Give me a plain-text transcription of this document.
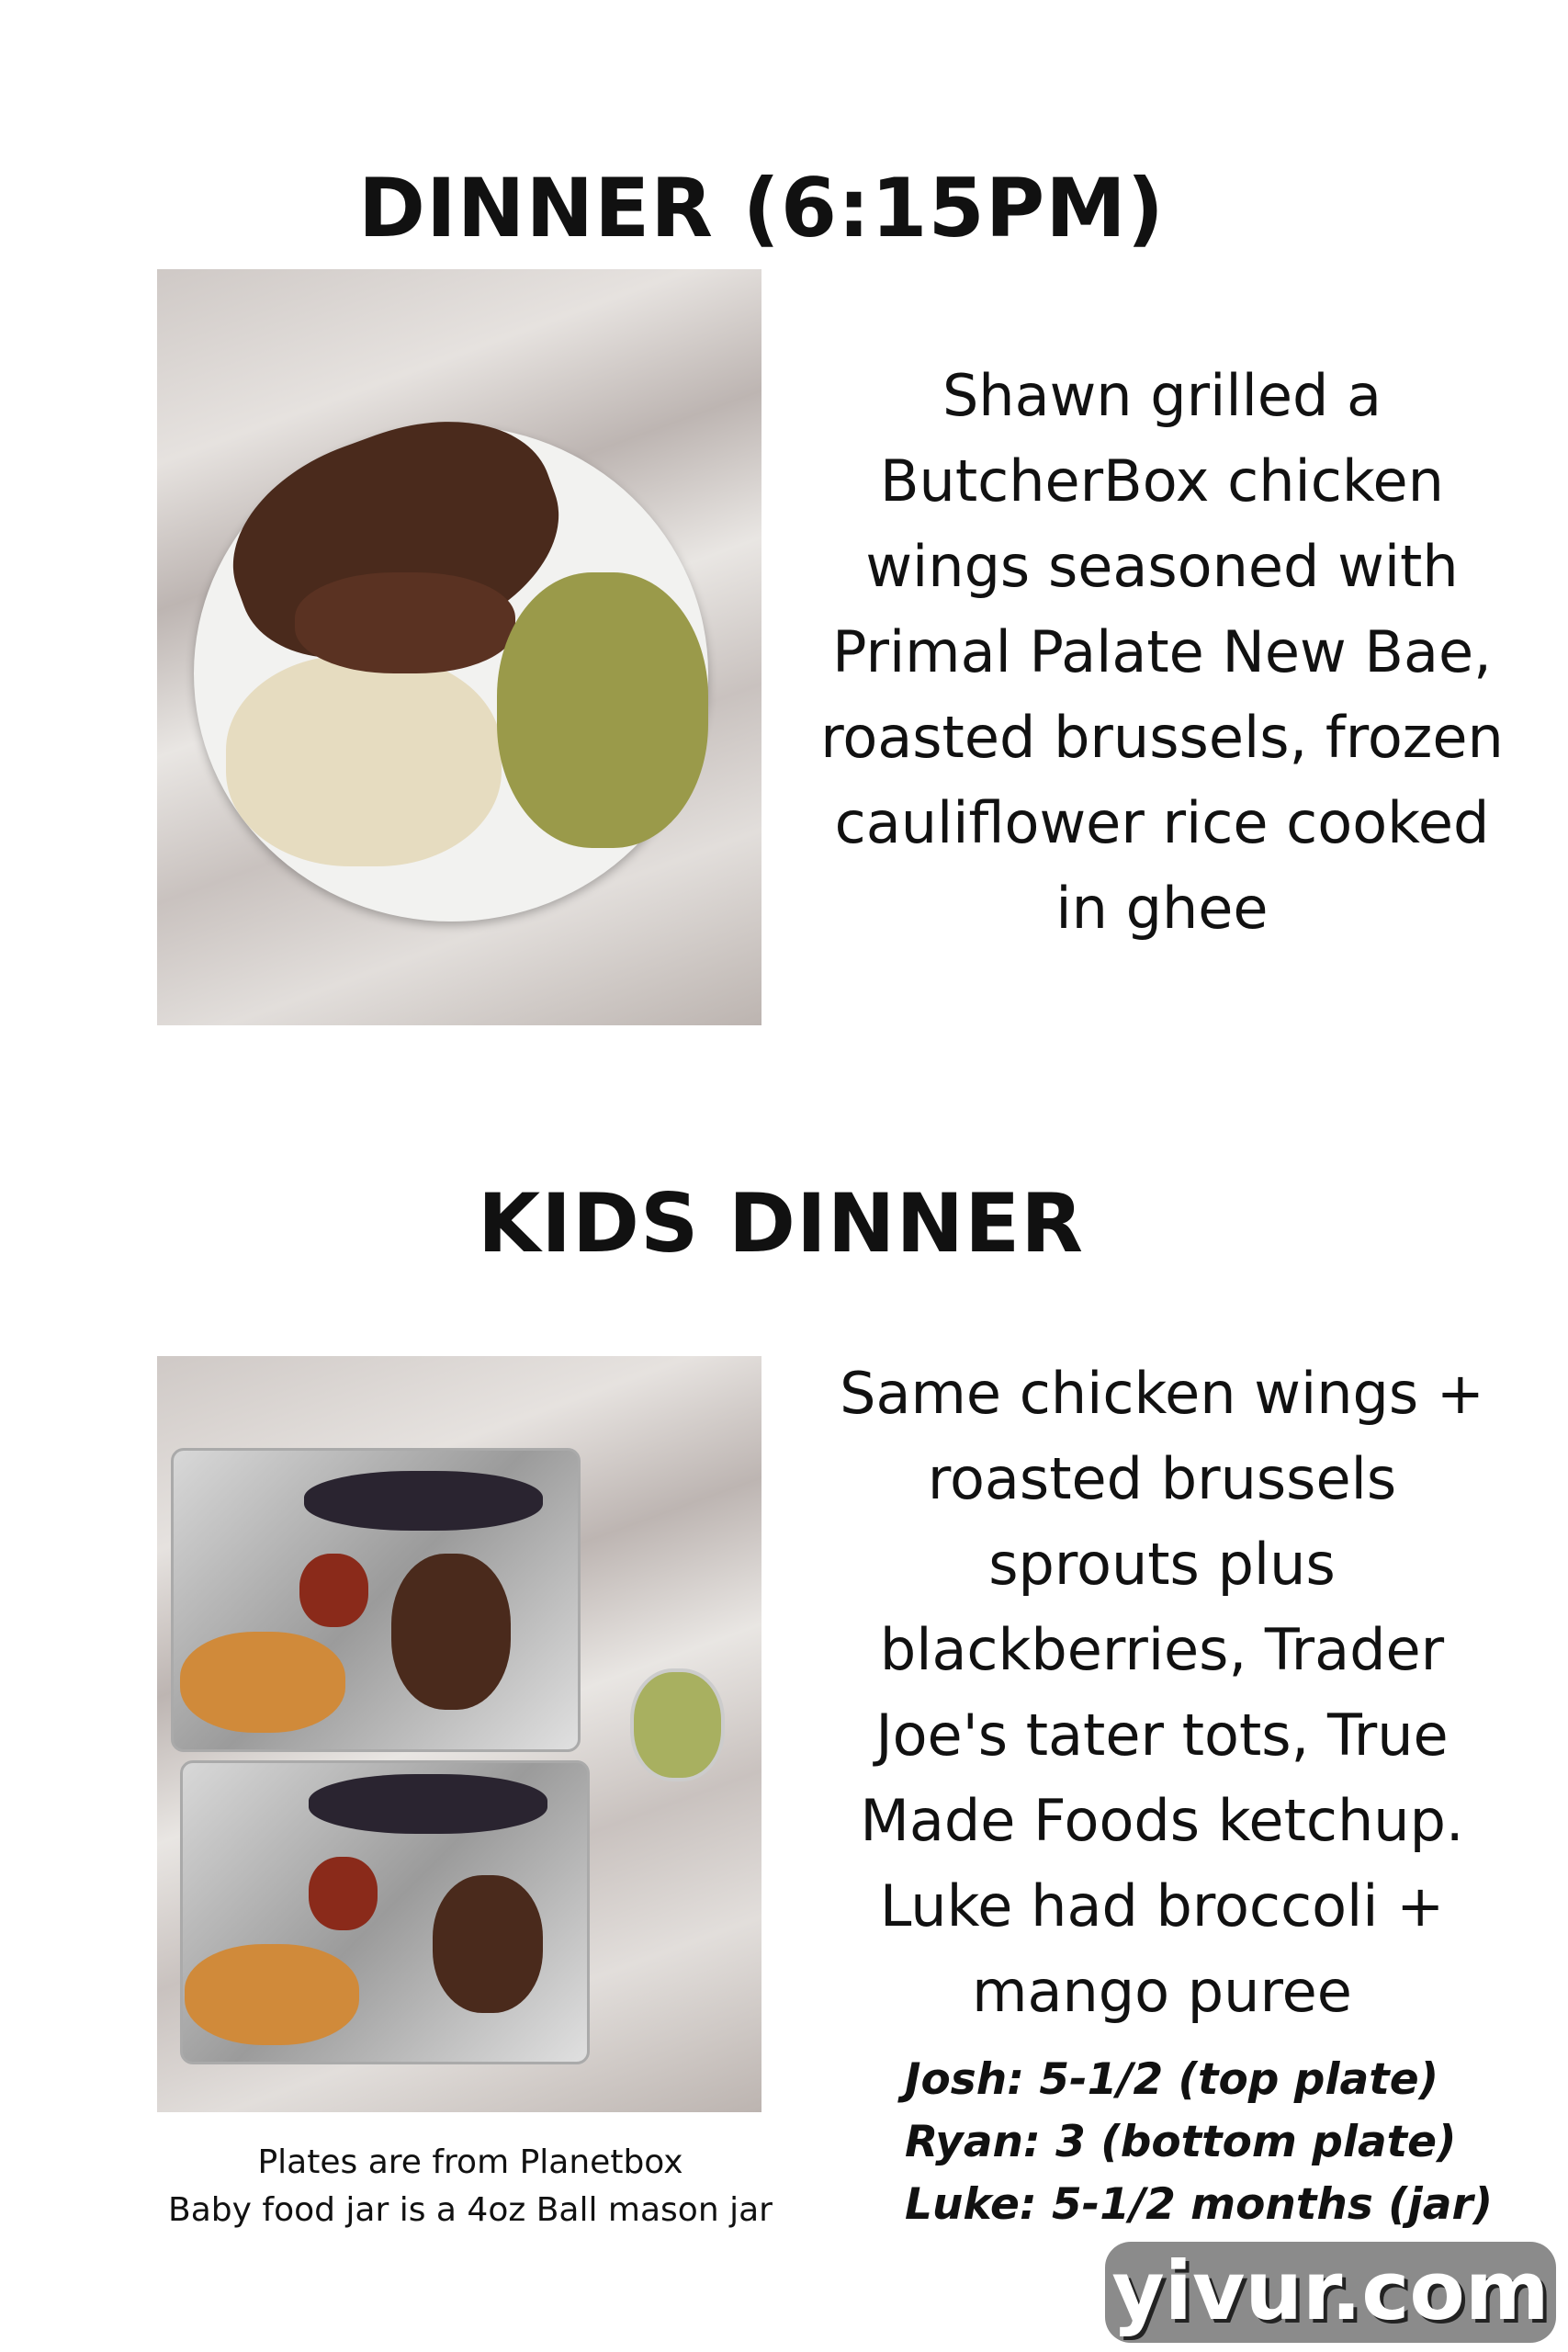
DINNER (6:15PM)
Shawn grilled a
ButcherBox chicken
wings seasoned with
Primal Palate New Bae,
roasted brussels, frozen
cauliflower rice cooked
in ghee
KIDS DINNER
Same chicken wings +
roasted brussels
sprouts plus
blackberries, Trader
Joe's tater tots, True
Made Foods ketchup.
Luke had broccoli +
mango puree
Plates are from Planetbox
Baby food jar is a 4oz Ball mason jar
Josh: 5-1/2 (top plate)
Ryan: 3 (bottom plate)
Luke: 5-1/2 months (jar)
yivur.com
